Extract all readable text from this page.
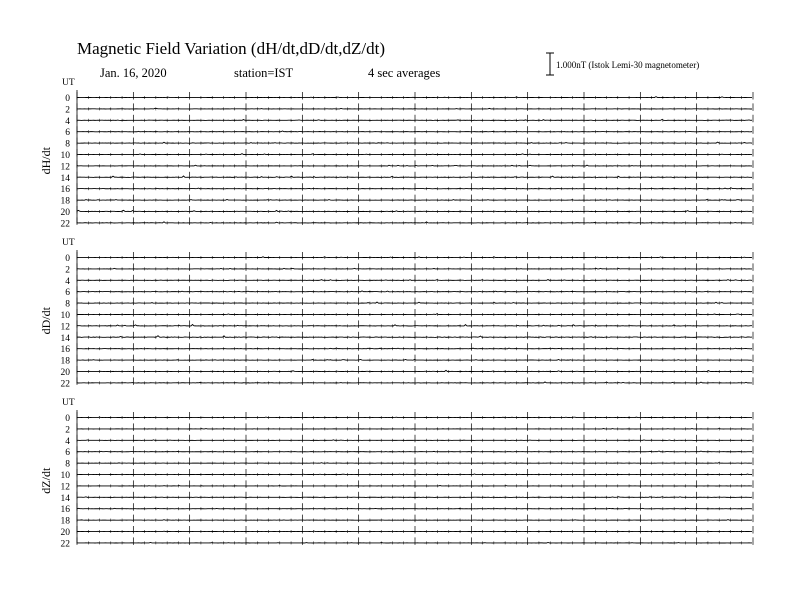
Magnetic Field Variation (dH/dt,dD/dt,dZ/dt)
Jan. 16, 2020	station=IST	4 sec averages
1.000nT (Istok Lemi-30 magnetometer)
UT
dH/dt
0
2
4
6
8
10
12
14
16
18
20
22
UT
dD/dt
0
2
4
6
8
10
12
14
16
18
20
22
UT
dZ/dt
0
2
4
6
8
10
12
14
16
18
20
22
